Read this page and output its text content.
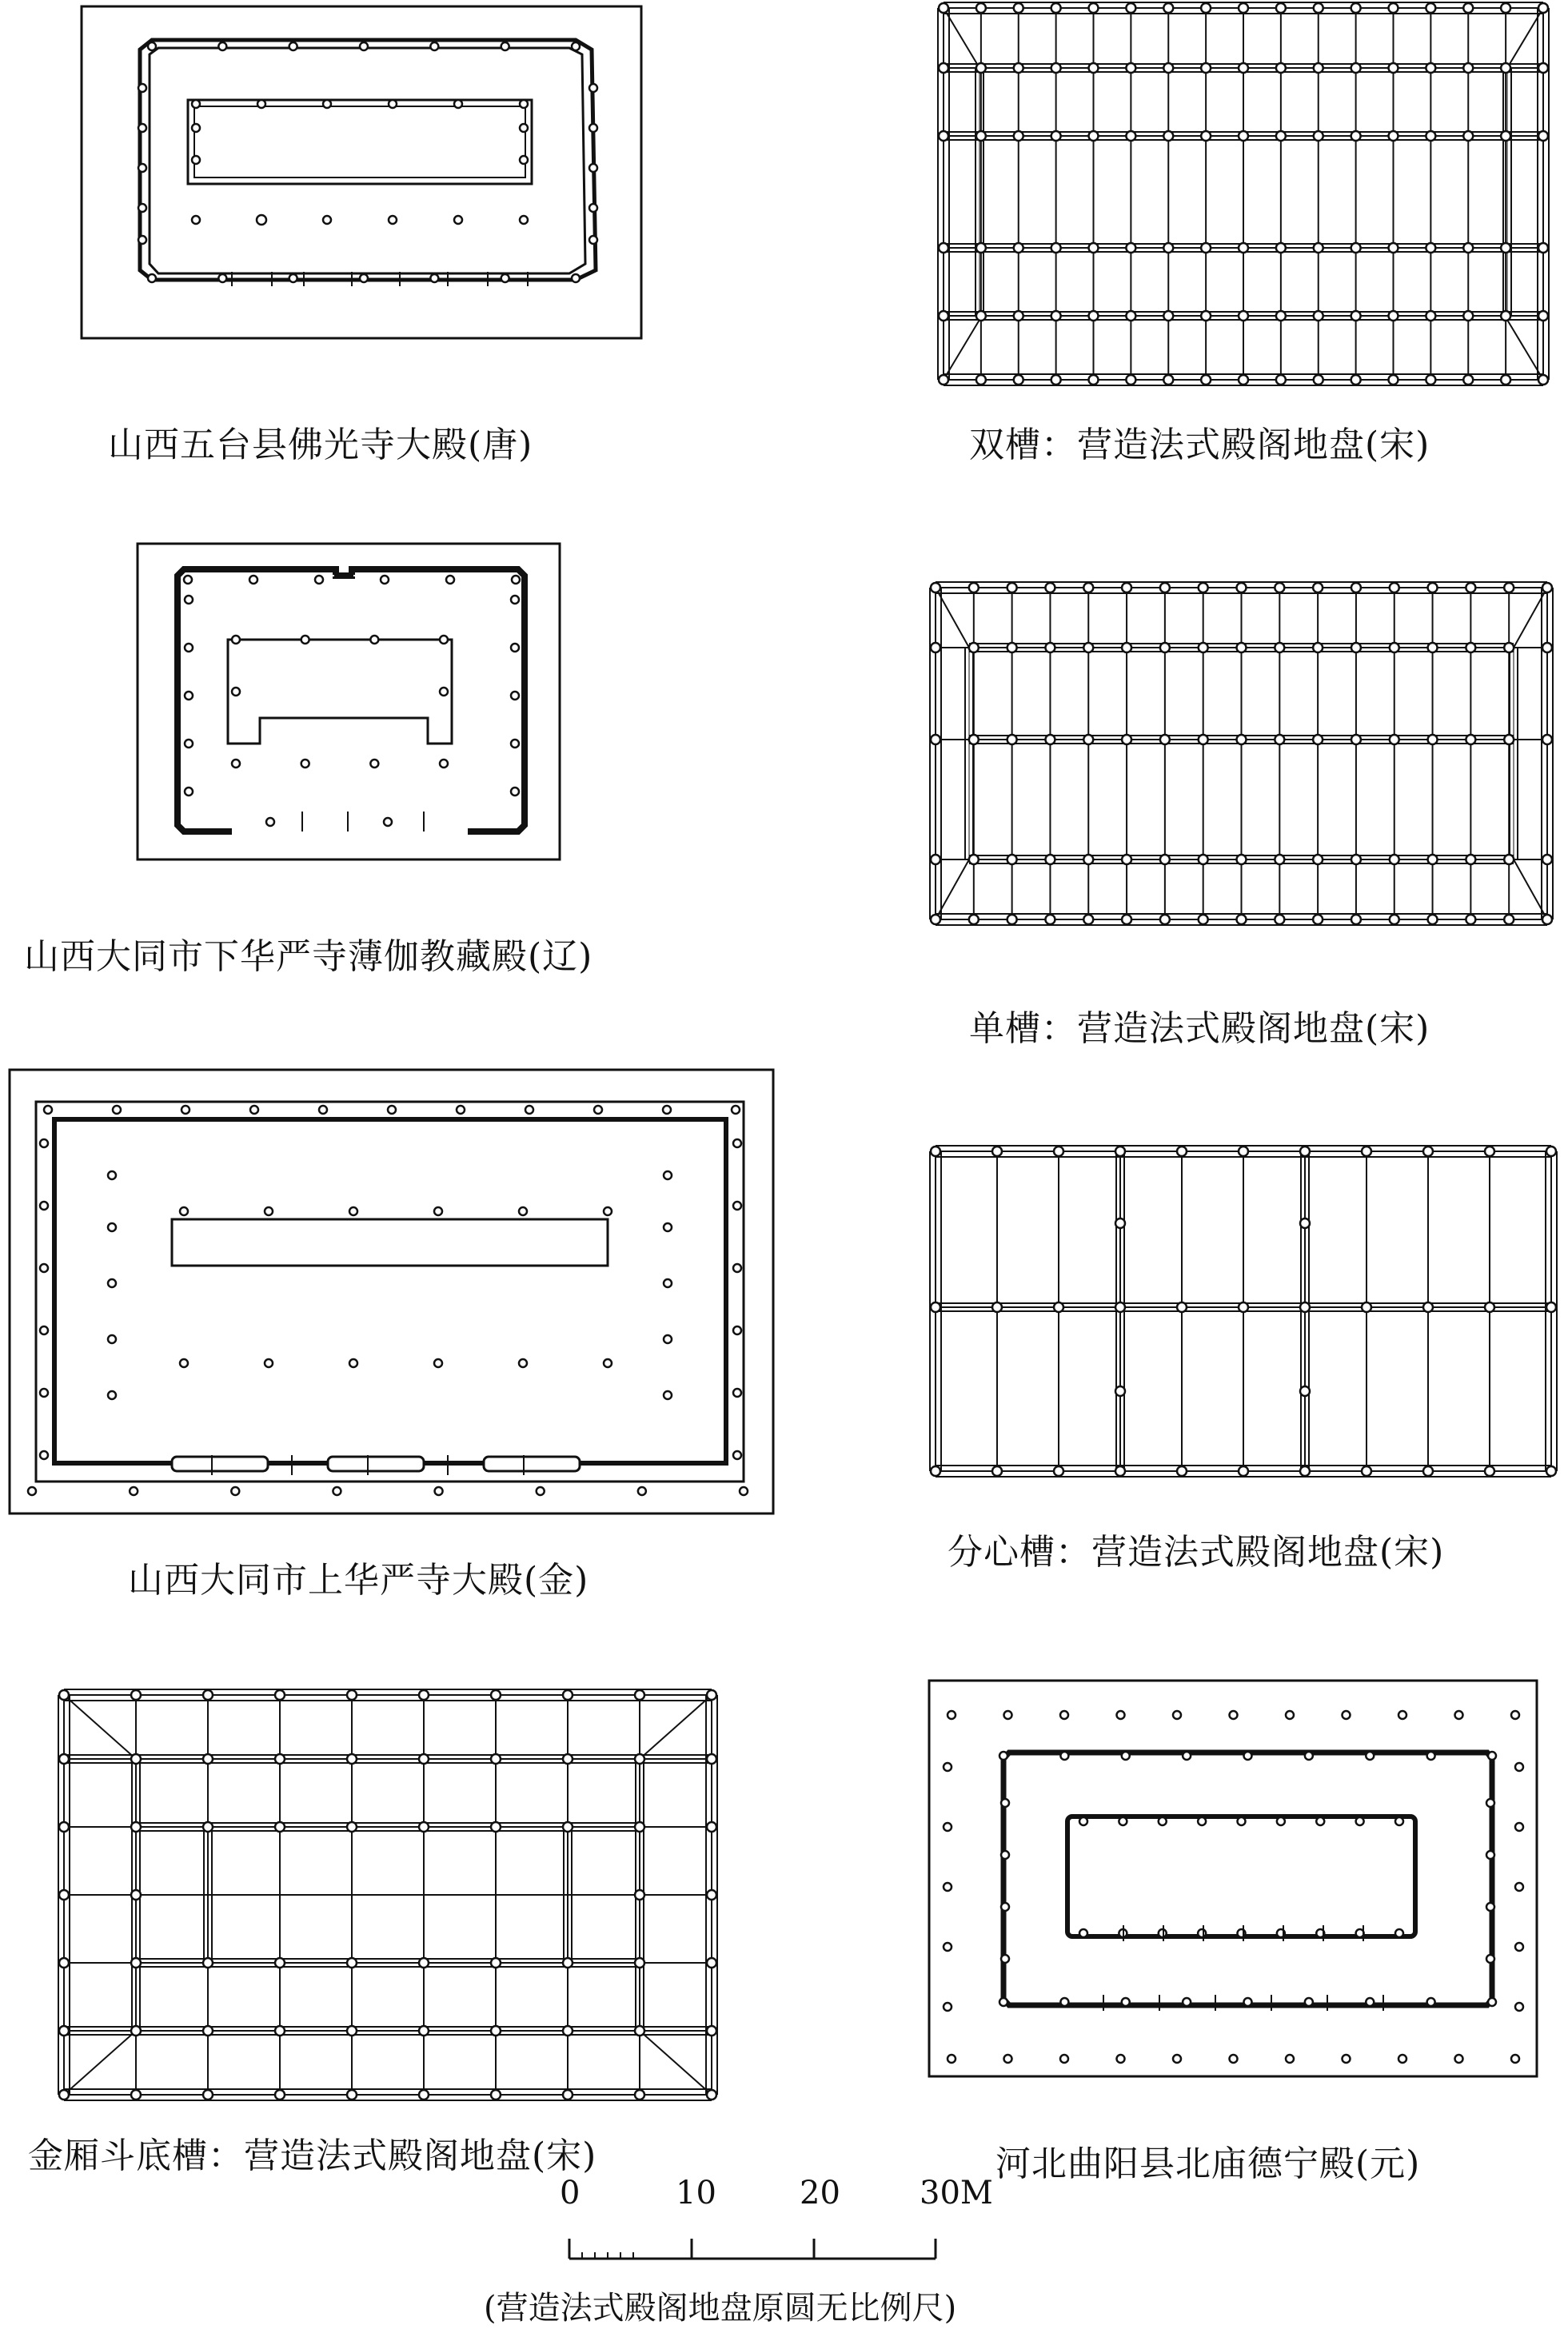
山西五台县佛光寺大殿(唐)	双槽：营造法式殿阁地盘(宋)
山西大同市下华严寺薄伽教藏殿(辽)
单槽：营造法式殿阁地盘(宋)
山西大同市上华严寺大殿(金)
分心槽：营造法式殿阁地盘(宋)
金厢斗底槽：营造法式殿阁地盘(宋)	河北曲阳县北庙德宁殿(元)
0	10	20 30M
(营造法式殿阁地盘原圆无比例尺)
